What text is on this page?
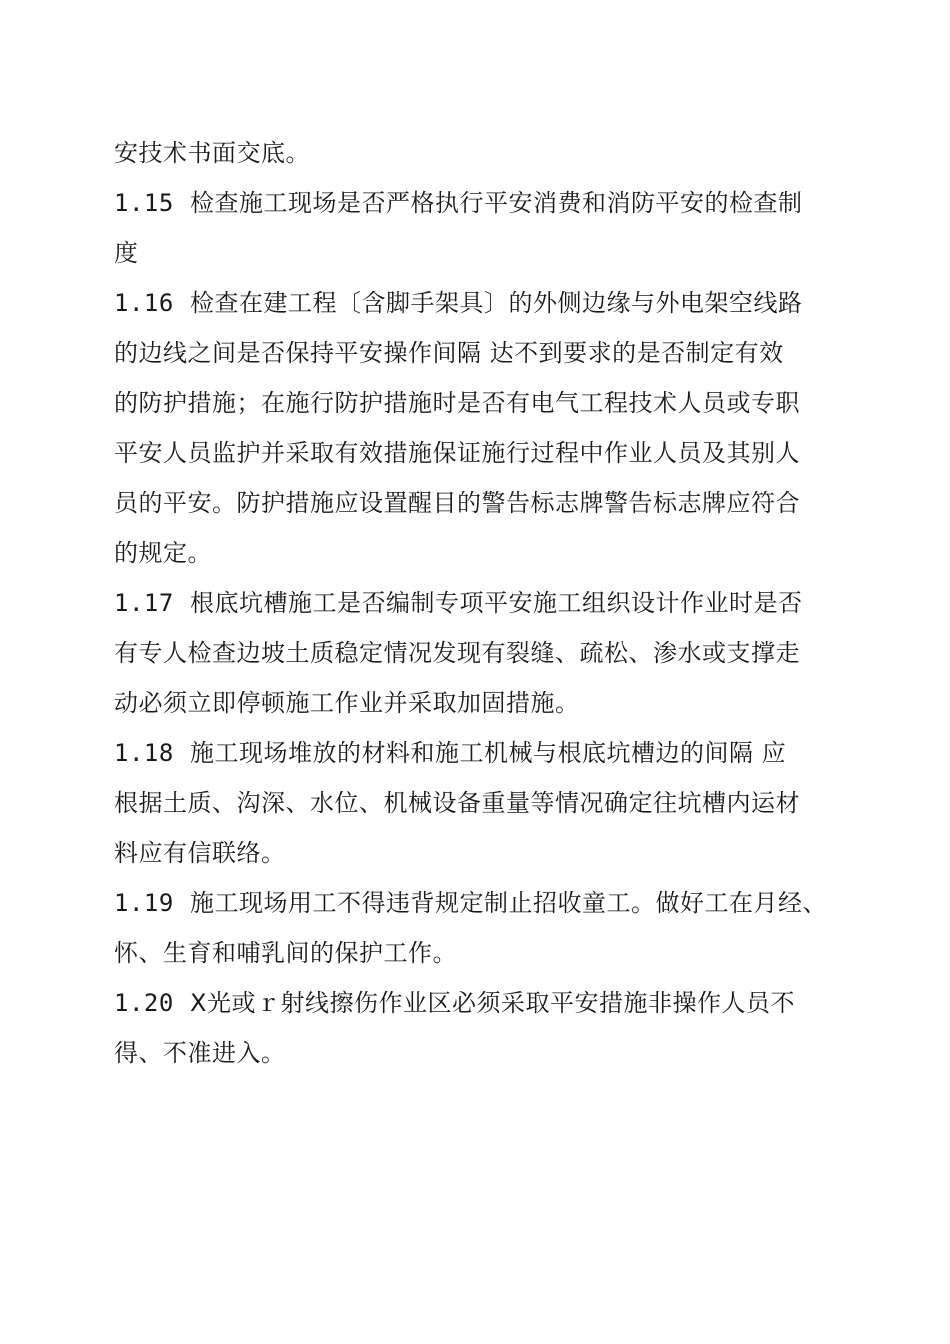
安技术书面交底。
1.15  检查施工现场是否严格执行平安消费和消防平安的检查制
度
1.16  检查在建工程〔含脚手架具〕的外侧边缘与外电架空线路
的边线之间是否保持平安操作间隔 达不到要求的是否制定有效
的防护措施；在施行防护措施时是否有电气工程技术人员或专职
平安人员监护并采取有效措施保证施行过程中作业人员及其别人
员的平安。防护措施应设置醒目的警告标志牌警告标志牌应符合
的规定。
1.17  根底坑槽施工是否编制专项平安施工组织设计作业时是否
有专人检查边坡土质稳定情况发现有裂缝、疏松、渗水或支撑走
动必须立即停顿施工作业并采取加固措施。
1.18  施工现场堆放的材料和施工机械与根底坑槽边的间隔 应
根据土质、沟深、水位、机械设备重量等情况确定往坑槽内运材
料应有信联络。
1.19  施工现场用工不得违背规定制止招收童工。做好工在月经、
怀、生育和哺乳间的保护工作。
1.20  X光或ｒ射线擦伤作业区必须采取平安措施非操作人员不
得、不准进入。
